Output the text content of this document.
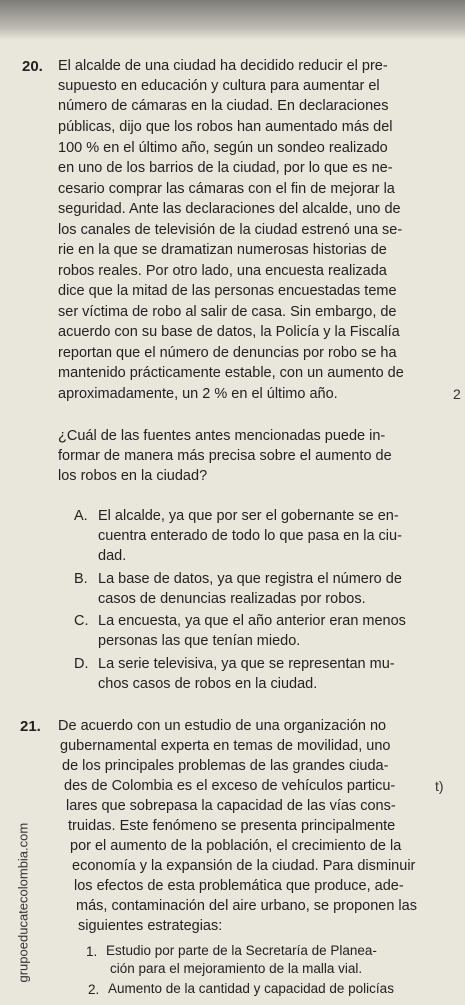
20. El alcalde de una ciudad ha decidido reducir el pre-
supuesto en educación y cultura para aumentar el
número de cámaras en la ciudad. En declaraciones
públicas, dijo que los robos han aumentado más del
100 % en el último año, según un sondeo realizado
en uno de los barrios de la ciudad, por lo que es ne-
cesario comprar las cámaras con el fin de mejorar la
seguridad. Ante las declaraciones del alcalde, uno de
los canales de televisión de la ciudad estrenó una se-
rie en la que se dramatizan numerosas historias de
robos reales. Por otro lado, una encuesta realizada
dice que la mitad de las personas encuestadas teme
ser víctima de robo al salir de casa. Sin embargo, de
acuerdo con su base de datos, la Policía y la Fiscalía
reportan que el número de denuncias por robo se ha
mantenido prácticamente estable, con un aumento de
aproximadamente, un 2 % en el último año.	2
¿Cuál de las fuentes antes mencionadas puede in-
formar de manera más precisa sobre el aumento de
los robos en la ciudad?
A. El alcalde, ya que por ser el gobernante se en-
cuentra enterado de todo lo que pasa en la ciu-
dad.
B. La base de datos, ya que registra el número de
casos de denuncias realizadas por robos.
C. La encuesta, ya que el año anterior eran menos
personas las que tenían miedo.
D. La serie televisiva, ya que se representan mu-
chos casos de robos en la ciudad.
21. De acuerdo con un estudio de una organización no
gubernamental experta en temas de movilidad, uno
de los principales problemas de las grandes ciuda-
des de Colombia es el exceso de vehículos particu-
lares que sobrepasa la capacidad de las vías cons-
truidas. Este fenómeno se presenta principalmente
por el aumento de la población, el crecimiento de la
economía y la expansión de la ciudad. Para disminuir
los efectos de esta problemática que produce, ade-
más, contaminación del aire urbano, se proponen las
siguientes estrategias:
t)
1. Estudio por parte de la Secretaría de Planea-
ción para el mejoramiento de la malla vial.
2. Aumento de la cantidad y capacidad de policías
grupoeducatecolombia.com
